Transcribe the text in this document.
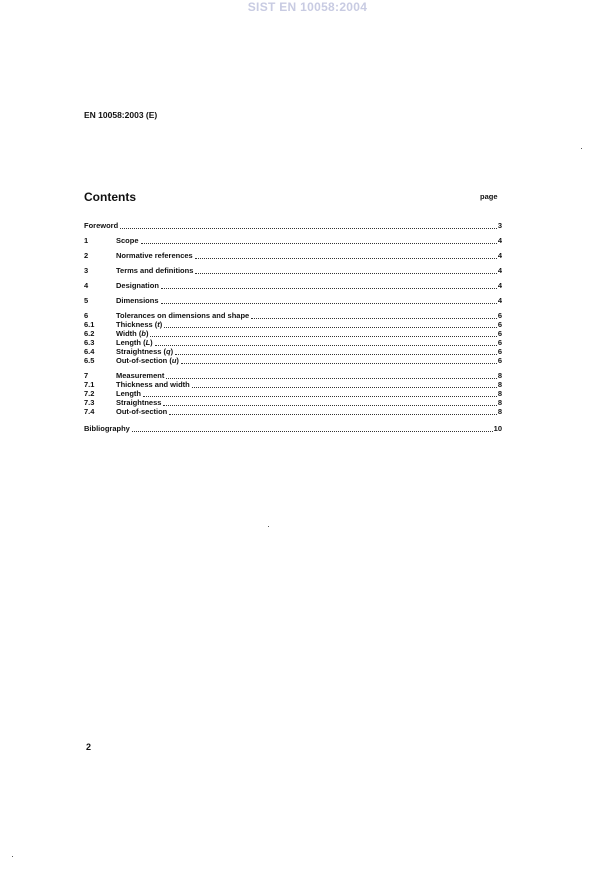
SIST EN 10058:2004
EN 10058:2003 (E)
Contents	page
Foreword	3
1	Scope	4
2	Normative references	4
3	Terms and definitions	4
4	Designation	4
5	Dimensions	4
6	Tolerances on dimensions and shape	6
6.1	Thickness (t)	6
6.2	Width (b)	6
6.3	Length (L)	6
6.4	Straightness (q)	6
6.5	Out-of-section (u)	6
7	Measurement	8
7.1	Thickness and width	8
7.2	Length	8
7.3	Straightness	8
7.4	Out-of-section	8
Bibliography	10
2
